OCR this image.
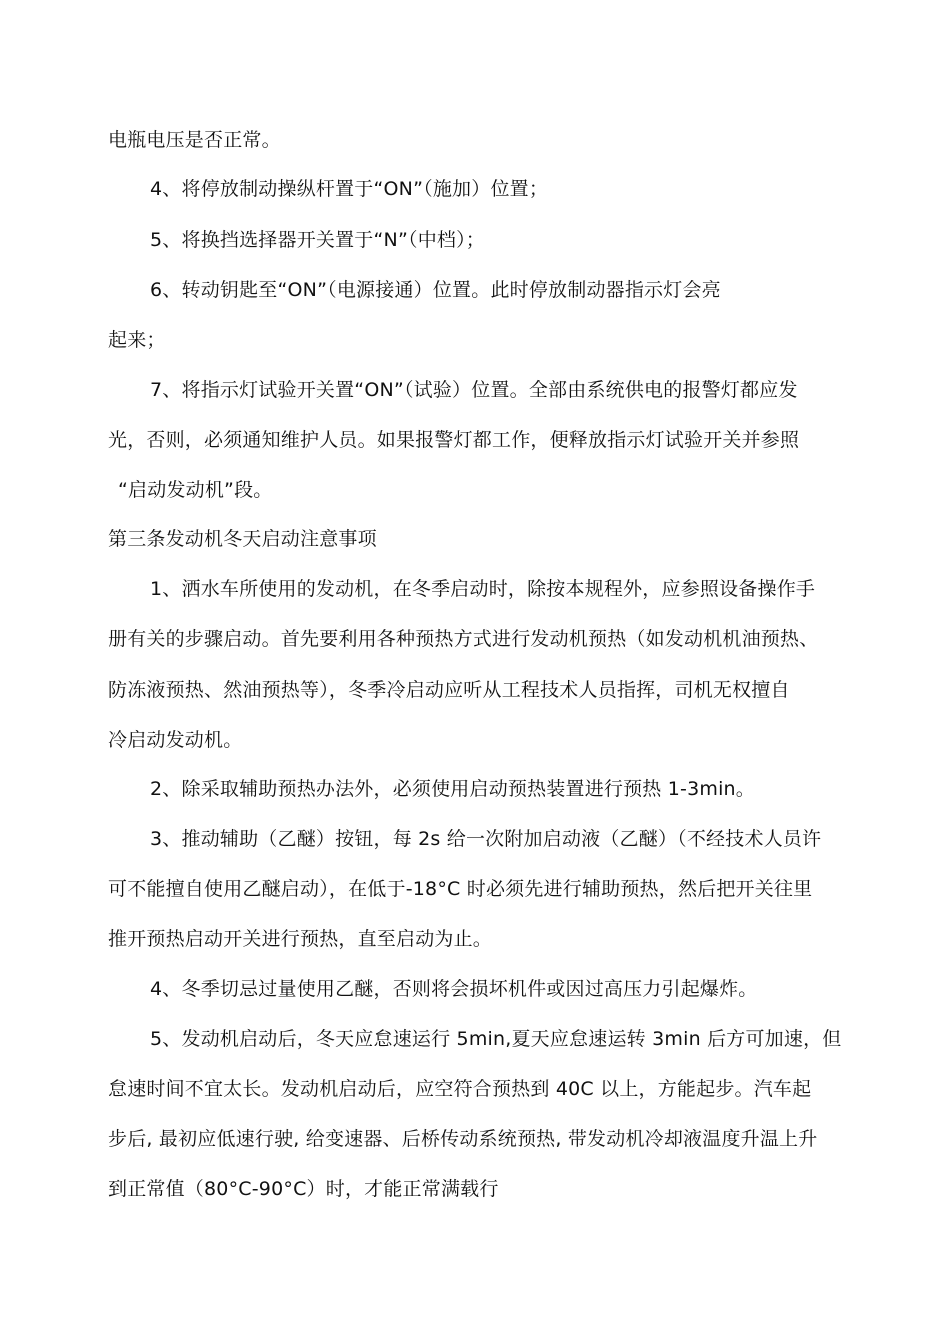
电瓶电压是否正常。
4、将停放制动操纵杆置于“ON”（施加）位置；
5、将换挡选择器开关置于“N”（中档）；
6、转动钥匙至“ON”（电源接通）位置。此时停放制动器指示灯会亮
起来；
7、将指示灯试验开关置“ON”（试验）位置。全部由系统供电的报警灯都应发
光，否则，必须通知维护人员。如果报警灯都工作，便释放指示灯试验开关并参照
“启动发动机”段。
第三条发动机冬天启动注意事项
1、洒水车所使用的发动机，在冬季启动时，除按本规程外，应参照设备操作手
册有关的步骤启动。首先要利用各种预热方式进行发动机预热（如发动机机油预热、
防冻液预热、然油预热等），冬季冷启动应听从工程技术人员指挥，司机无权擅自
冷启动发动机。
2、除采取辅助预热办法外，必须使用启动预热装置进行预热 1-3min。
3、推动辅助（乙醚）按钮，每 2s 给一次附加启动液（乙醚）（不经技术人员许
可不能擅自使用乙醚启动），在低于-18°C 时必须先进行辅助预热，然后把开关往里
推开预热启动开关进行预热，直至启动为止。
4、冬季切忌过量使用乙醚，否则将会损坏机件或因过高压力引起爆炸。
5、发动机启动后，冬天应怠速运行 5min,夏天应怠速运转 3min 后方可加速，但
怠速时间不宜太长。发动机启动后，应空符合预热到 40C 以上，方能起步。汽车起
步后, 最初应低速行驶, 给变速器、后桥传动系统预热, 带发动机冷却液温度升温上升
到正常值（80°C-90°C）时，才能正常满载行
